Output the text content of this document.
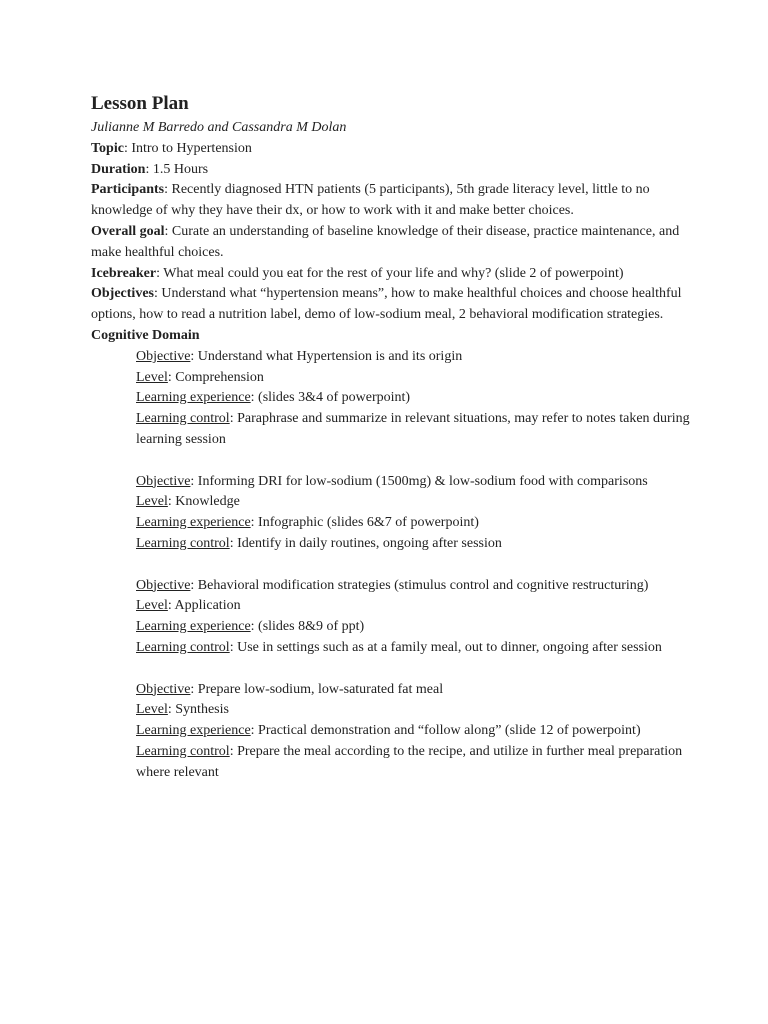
Lesson Plan
Julianne M Barredo and Cassandra M Dolan

Topic: Intro to Hypertension

Duration: 1.5 Hours

Participants: Recently diagnosed HTN patients (5 participants), 5th grade literacy level, little to no knowledge of why they have their dx, or how to work with it and make better choices.

Overall goal: Curate an understanding of baseline knowledge of their disease, practice maintenance, and make healthful choices.

Icebreaker: What meal could you eat for the rest of your life and why? (slide 2 of powerpoint)

Objectives: Understand what “hypertension means”, how to make healthful choices and choose healthful options, how to read a nutrition label, demo of low-sodium meal, 2 behavioral modification strategies.

Cognitive Domain

Objective: Understand what Hypertension is and its origin

Level: Comprehension

Learning experience: (slides 3&4 of powerpoint)

Learning control: Paraphrase and summarize in relevant situations, may refer to notes taken during learning session

Objective: Informing DRI for low-sodium (1500mg) & low-sodium food with comparisons

Level: Knowledge

Learning experience: Infographic (slides 6&7 of powerpoint)

Learning control: Identify in daily routines, ongoing after session

Objective: Behavioral modification strategies (stimulus control and cognitive restructuring)

Level: Application

Learning experience: (slides 8&9 of ppt)

Learning control: Use in settings such as at a family meal, out to dinner, ongoing after session

Objective: Prepare low-sodium, low-saturated fat meal

Level: Synthesis

Learning experience: Practical demonstration and “follow along” (slide 12 of powerpoint)

Learning control: Prepare the meal according to the recipe, and utilize in further meal preparation where relevant
